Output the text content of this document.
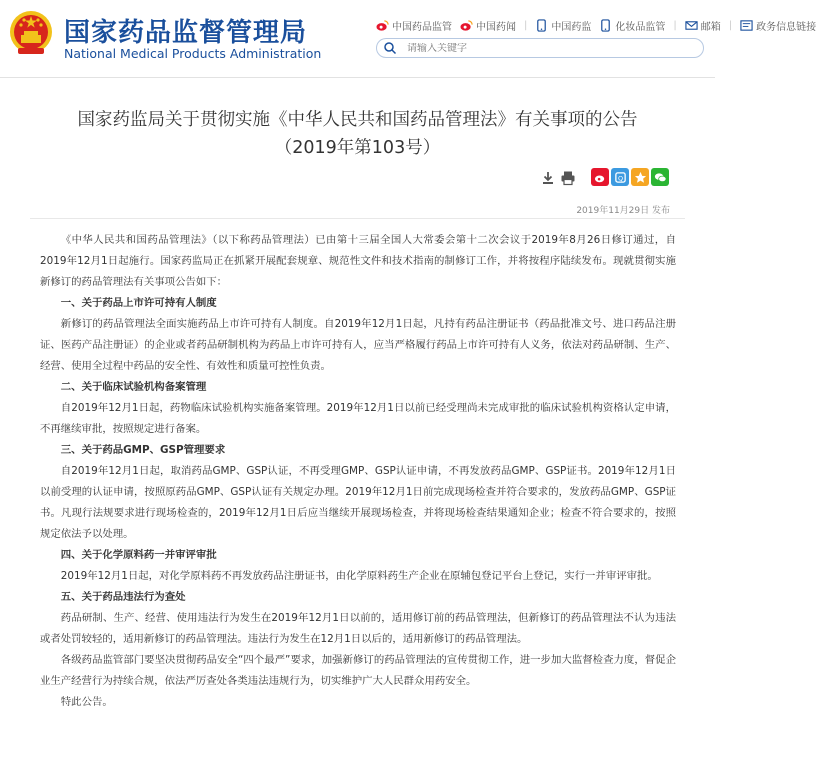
国家药品监督管理局
National Medical Products Administration
中国药品监管 中国药闻 | 中国药监 化妆品监管 | 邮箱 | 政务信息链接
请输入关键字
国家药监局关于贯彻实施《中华人民共和国药品管理法》有关事项的公告
（2019年第103号）
Q
2019年11月29日 发布
《中华人民共和国药品管理法》（以下称药品管理法）已由第十三届全国人大常委会第十二次会议于2019年8月26日修订通过，自2019年12月1日起施行。国家药监局正在抓紧开展配套规章、规范性文件和技术指南的制修订工作，并将按程序陆续发布。现就贯彻实施新修订的药品管理法有关事项公告如下：
一、关于药品上市许可持有人制度
新修订的药品管理法全面实施药品上市许可持有人制度。自2019年12月1日起，凡持有药品注册证书（药品批准文号、进口药品注册证、医药产品注册证）的企业或者药品研制机构为药品上市许可持有人，应当严格履行药品上市许可持有人义务，依法对药品研制、生产、经营、使用全过程中药品的安全性、有效性和质量可控性负责。
二、关于临床试验机构备案管理
自2019年12月1日起，药物临床试验机构实施备案管理。2019年12月1日以前已经受理尚未完成审批的临床试验机构资格认定申请，不再继续审批，按照规定进行备案。
三、关于药品GMP、GSP管理要求
自2019年12月1日起，取消药品GMP、GSP认证，不再受理GMP、GSP认证申请，不再发放药品GMP、GSP证书。2019年12月1日以前受理的认证申请，按照原药品GMP、GSP认证有关规定办理。2019年12月1日前完成现场检查并符合要求的，发放药品GMP、GSP证书。凡现行法规要求进行现场检查的，2019年12月1日后应当继续开展现场检查，并将现场检查结果通知企业；检查不符合要求的，按照规定依法予以处理。
四、关于化学原料药一并审评审批
2019年12月1日起，对化学原料药不再发放药品注册证书，由化学原料药生产企业在原辅包登记平台上登记，实行一并审评审批。
五、关于药品违法行为查处
药品研制、生产、经营、使用违法行为发生在2019年12月1日以前的，适用修订前的药品管理法，但新修订的药品管理法不认为违法或者处罚较轻的，适用新修订的药品管理法。违法行为发生在12月1日以后的，适用新修订的药品管理法。
各级药品监管部门要坚决贯彻药品安全“四个最严”要求，加强新修订的药品管理法的宣传贯彻工作，进一步加大监督检查力度，督促企业生产经营行为持续合规，依法严厉查处各类违法违规行为，切实维护广大人民群众用药安全。
特此公告。
